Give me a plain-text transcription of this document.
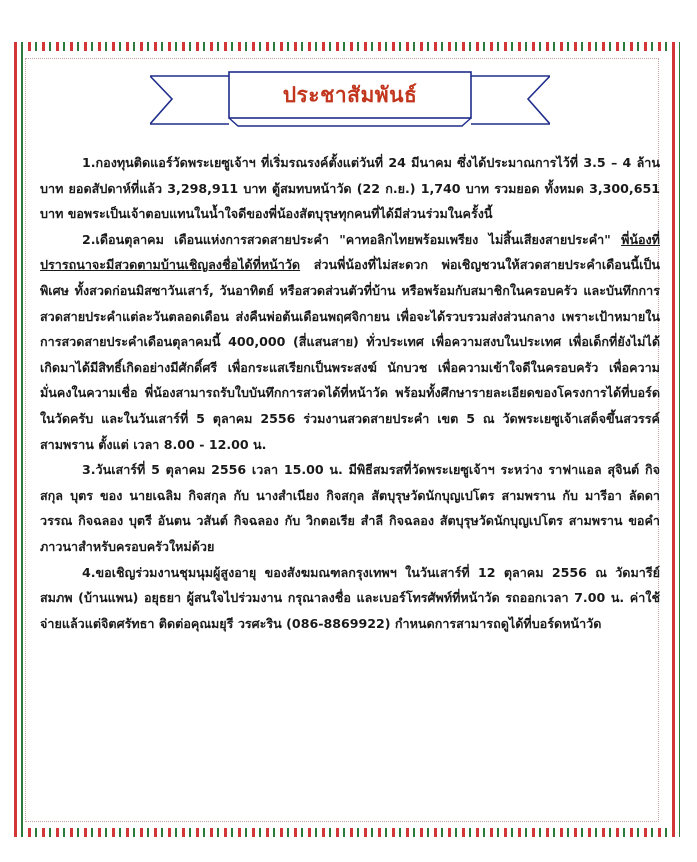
ประชาสัมพันธ์

1.กองทุนติดแอร์วัดพระเยซูเจ้าฯ ที่เริ่มรณรงค์ตั้งแต่วันที่ 24 มีนาคม ซึ่งได้ประมาณการไว้ที่ 3.5 – 4 ล้านบาท ยอดสัปดาห์ที่แล้ว 3,298,911 บาท ตู้สมทบหน้าวัด (22 ก.ย.) 1,740 บาท รวมยอด ทั้งหมด 3,300,651 บาท ขอพระเป็นเจ้าตอบแทนในน้ำใจดีของพี่น้องสัตบุรุษทุกคนที่ได้มีส่วนร่วมในครั้งนี้

2.เดือนตุลาคม เดือนแห่งการสวดสายประคำ "คาทอลิกไทยพร้อมเพรียง ไม่สิ้นเสียงสายประคำ" พี่น้องที่ปรารถนาจะมีสวดตามบ้านเชิญลงชื่อได้ที่หน้าวัด ส่วนพี่น้องที่ไม่สะดวก พ่อเชิญชวนให้สวดสายประคำเดือนนี้เป็นพิเศษ ทั้งสวดก่อนมิสซาวันเสาร์, วันอาทิตย์ หรือสวดส่วนตัวที่บ้าน หรือพร้อมกับสมาชิกในครอบครัว และบันทึกการสวดสายประคำแต่ละวันตลอดเดือน ส่งคืนพ่อต้นเดือนพฤศจิกายน เพื่อจะได้รวบรวมส่งส่วนกลาง เพราะเป้าหมายในการสวดสายประคำเดือนตุลาคมนี้ 400,000 (สี่แสนสาย) ทั่วประเทศ เพื่อความสงบในประเทศ เพื่อเด็กที่ยังไม่ได้เกิดมาได้มีสิทธิ์เกิดอย่างมีศักดิ์ศรี เพื่อกระแสเรียกเป็นพระสงฆ์ นักบวช เพื่อความเข้าใจดีในครอบครัว เพื่อความมั่นคงในความเชื่อ พี่น้องสามารถรับใบบันทึกการสวดได้ที่หน้าวัด พร้อมทั้งศึกษารายละเอียดของโครงการได้ที่บอร์ดในวัดครับ และในวันเสาร์ที่ 5 ตุลาคม 2556 ร่วมงานสวดสายประคำ เขต 5 ณ วัดพระเยซูเจ้าเสด็จขึ้นสวรรค์ สามพราน ตั้งแต่ เวลา 8.00 - 12.00 น.

3.วันเสาร์ที่ 5 ตุลาคม 2556 เวลา 15.00 น. มีพิธีสมรสที่วัดพระเยซูเจ้าฯ ระหว่าง ราฟาแอล สุจินต์ กิจสกุล บุตร ของ นายเฉลิม กิจสกุล กับ นางสำเนียง กิจสกุล สัตบุรุษวัดนักบุญเปโตร สามพราน กับ มารีอา ลัดดาวรรณ กิจฉลอง บุตรี อันตน วสันต์ กิจฉลอง กับ วิกตอเรีย สำลี กิจฉลอง สัตบุรุษวัดนักบุญเปโตร สามพราน ขอคำภาวนาสำหรับครอบครัวใหม่ด้วย

4.ขอเชิญร่วมงานชุมนุมผู้สูงอายุ ของสังฆมณฑลกรุงเทพฯ ในวันเสาร์ที่ 12 ตุลาคม 2556 ณ วัดมารีย์สมภพ (บ้านแพน) อยุธยา ผู้สนใจไปร่วมงาน กรุณาลงชื่อ และเบอร์โทรศัพท์ที่หน้าวัด รถออกเวลา 7.00 น. ค่าใช้จ่ายแล้วแต่จิตศรัทธา ติดต่อคุณมยุรี วรศะริน (086-8869922) กำหนดการสามารถดูได้ที่บอร์ดหน้าวัด
